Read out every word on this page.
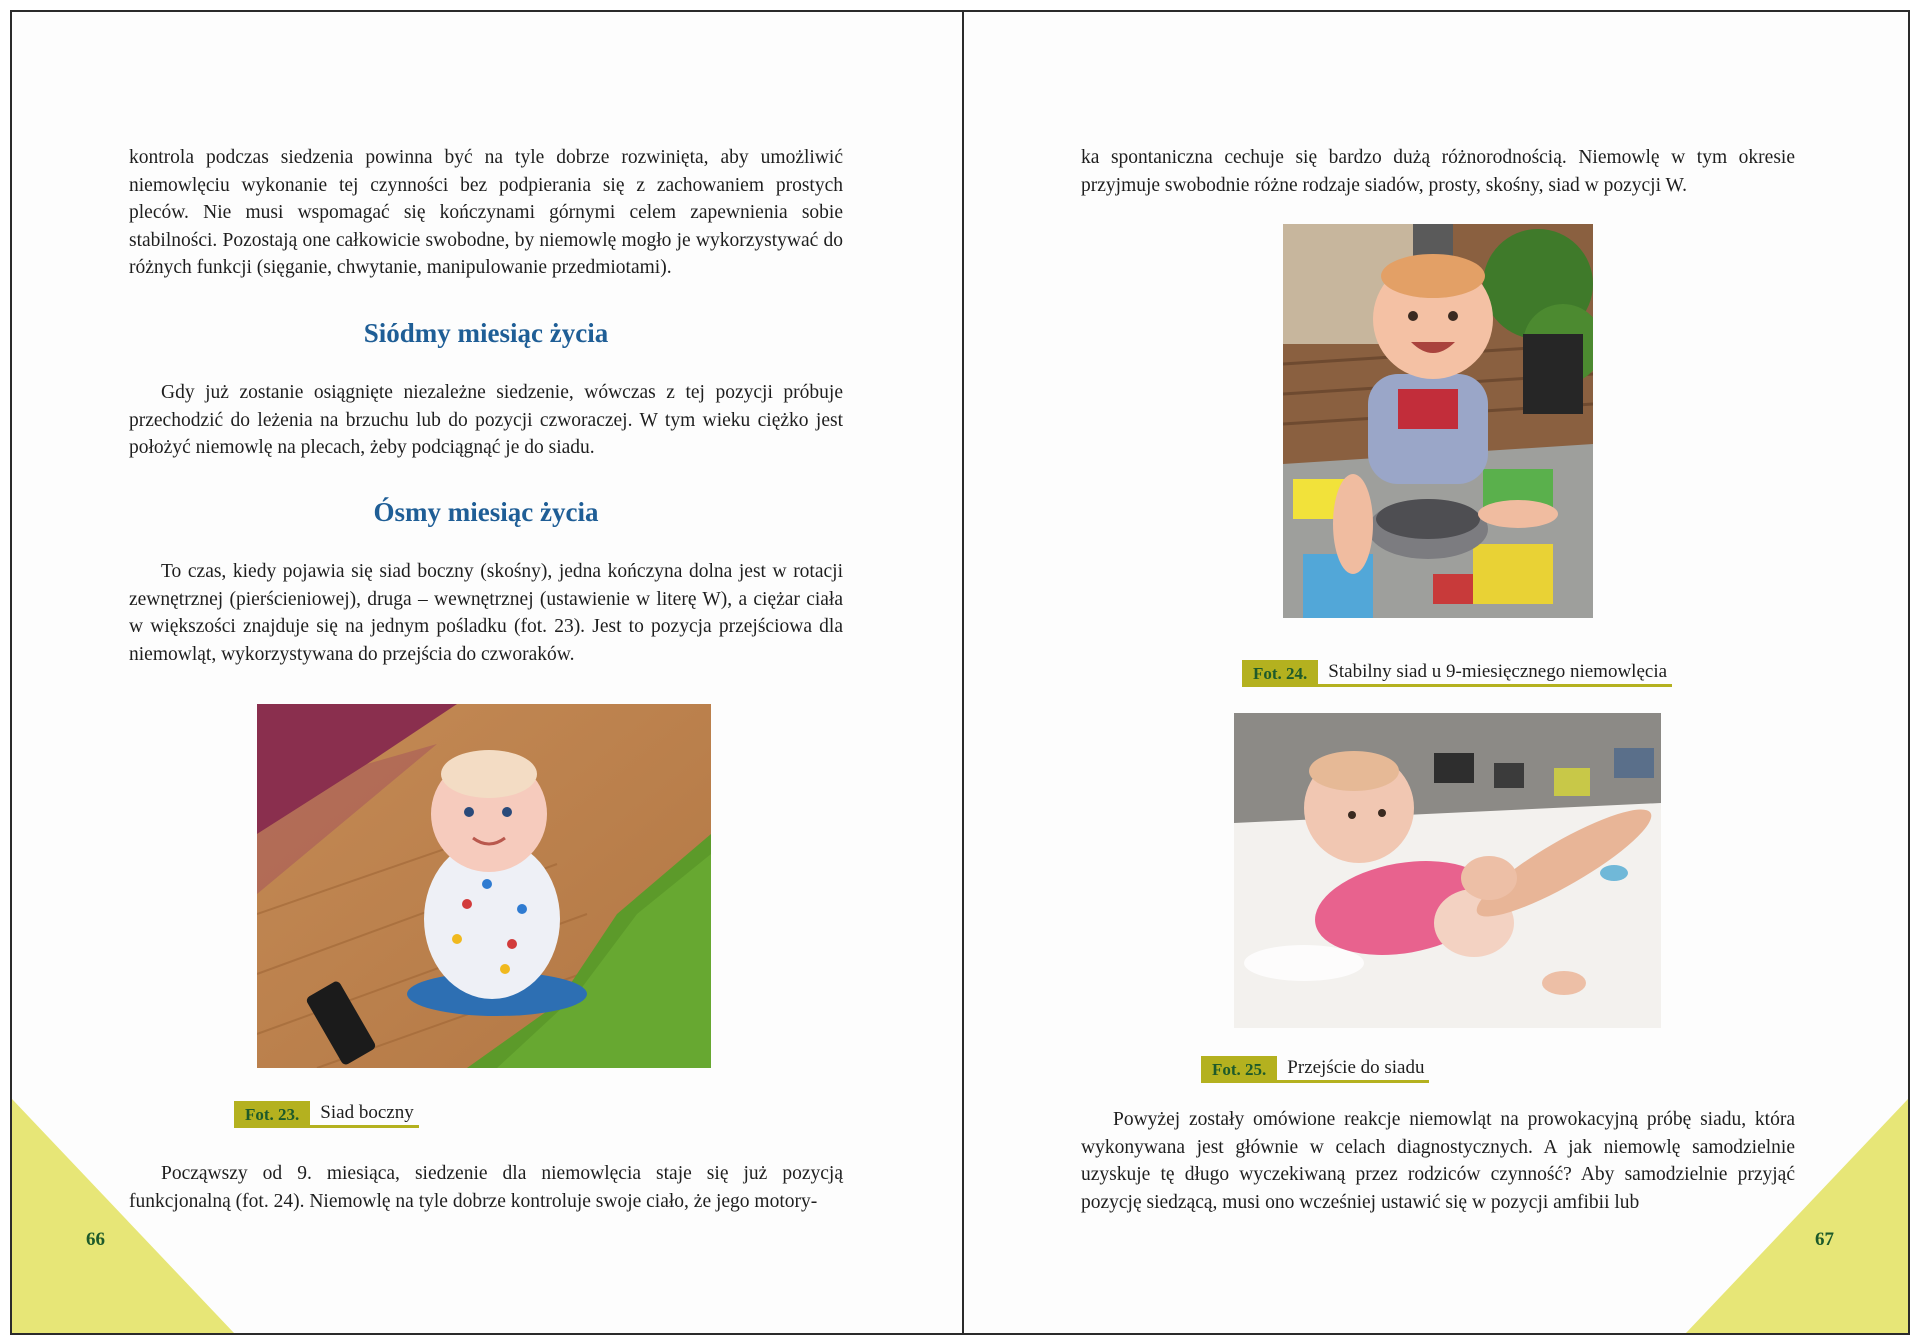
kontrola podczas siedzenia powinna być na tyle dobrze rozwinięta, aby umożliwić niemowlęciu wykonanie tej czynności bez podpierania się z zachowaniem prostych pleców. Nie musi wspomagać się kończynami górnymi celem zapewnienia sobie stabilności. Pozostają one całkowicie swobodne, by niemowlę mogło je wykorzystywać do różnych funkcji (sięganie, chwytanie, manipulowanie przedmiotami).

Siódmy miesiąc życia

Gdy już zostanie osiągnięte niezależne siedzenie, wówczas z tej pozycji próbuje przechodzić do leżenia na brzuchu lub do pozycji czworaczej. W tym wieku ciężko jest położyć niemowlę na plecach, żeby podciągnąć je do siadu.

Ósmy miesiąc życia

To czas, kiedy pojawia się siad boczny (skośny), jedna kończyna dolna jest w rotacji zewnętrznej (pierścieniowej), druga – wewnętrznej (ustawienie w literę W), a ciężar ciała w większości znajduje się na jednym pośladku (fot. 23). Jest to pozycja przejściowa dla niemowląt, wykorzystywana do przejścia do czworaków.

Fot. 23.	Siad boczny

Począwszy od 9. miesiąca, siedzenie dla niemowlęcia staje się już pozycją funkcjonalną (fot. 24). Niemowlę na tyle dobrze kontroluje swoje ciało, że jego motory-

66

ka spontaniczna cechuje się bardzo dużą różnorodnością. Niemowlę w tym okresie przyjmuje swobodnie różne rodzaje siadów, prosty, skośny, siad w pozycji W.

Fot. 24.	Stabilny siad u 9-miesięcznego niemowlęcia
Fot. 25.	Przejście do siadu

Powyżej zostały omówione reakcje niemowląt na prowokacyjną próbę siadu, która wykonywana jest głównie w celach diagnostycznych. A jak niemowlę samodzielnie uzyskuje tę długo wyczekiwaną przez rodziców czynność? Aby samodzielnie przyjąć pozycję siedzącą, musi ono wcześniej ustawić się w pozycji amfibii lub

67
